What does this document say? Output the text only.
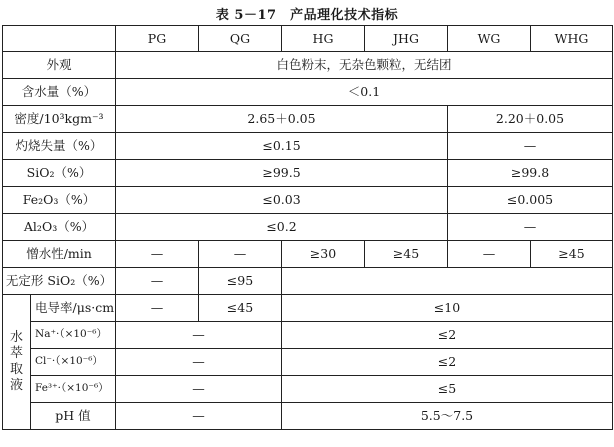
表 5－17　产品理化技术指标
		PG	QG	HG	JHG	WG	WHG
外观		白色粉末，无杂色颗粒，无结团					
含水量（%）		＜0.1					
密度/10³kgm⁻³		2.65＋0.05				2.20＋0.05	
灼烧失量（%）		≤0.15				—	
SiO₂（%）		≥99.5				≥99.8	
Fe₂O₃（%）		≤0.03				≤0.005	
Al₂O₃（%）		≤0.2				—	
憎水性/min		—	—	≥30	≥45	—	≥45
无定形 SiO₂（%）		—	≤95				
水萃取液	电导率/μs·cm	—	≤45	≤10			
	Na⁺·（×10⁻⁶）	—		≤2			
	Cl⁻·（×10⁻⁶）	—		≤2			
	Fe³⁺·（×10⁻⁶）	—		≤5			
	pH 值	—		5.5～7.5			
